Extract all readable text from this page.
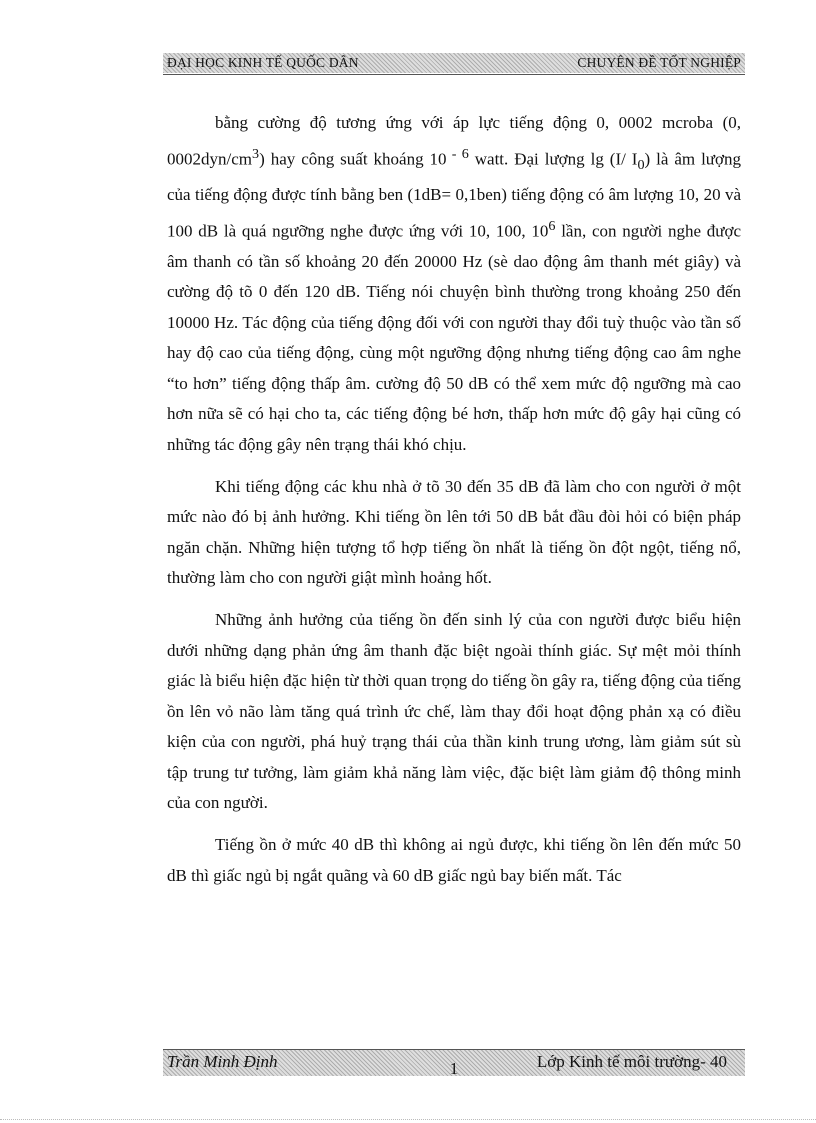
ĐẠI HỌC KINH TẾ QUỐC DÂN	CHUYÊN ĐỀ TỐT NGHIỆP

bằng cường độ tương ứng với áp lực tiếng động 0, 0002 mcroba (0, $0002dyn/cm^3$) hay công suất khoáng 10 $^{- 6}$ watt. Đại lượng lg (I/ $I_0$) là âm lượng của tiếng động được tính bằng ben (1dB= 0,1ben) tiếng động có âm lượng 10, 20 và 100 dB là quá ngưỡng nghe được ứng với 10, 100, $10^6$ lần, con người nghe được âm thanh có tần số khoảng 20 đến 20000 Hz (sè dao động âm thanh mét giây) và cường độ tõ 0 đến 120 dB. Tiếng nói chuyện bình thường trong khoảng 250 đến 10000 Hz. Tác động của tiếng động đối với con người thay đổi tuỳ thuộc vào tần số hay độ cao của tiếng động, cùng một ngưỡng động nhưng tiếng động cao âm nghe “to hơn” tiếng động thấp âm. cường độ 50 dB có thể xem mức độ ngưỡng mà cao hơn nữa sẽ có hại cho ta, các tiếng động bé hơn, thấp hơn mức độ gây hại cũng có những tác động gây nên trạng thái khó chịu.

Khi tiếng động các khu nhà ở tõ 30 đến 35 dB đã làm cho con người ở một mức nào đó bị ảnh hưởng. Khi tiếng ồn lên tới 50 dB bắt đầu đòi hỏi có biện pháp ngăn chặn. Những hiện tượng tổ hợp tiếng ồn nhất là tiếng ồn đột ngột, tiếng nổ, thường làm cho con người giật mình hoảng hốt.

Những ảnh hưởng của tiếng ồn đến sinh lý của con người được biểu hiện dưới những dạng phản ứng âm thanh đặc biệt ngoài thính giác. Sự mệt mỏi thính giác là biểu hiện đặc hiện từ thời quan trọng do tiếng ồn gây ra, tiếng động của tiếng ồn lên vỏ não làm tăng quá trình ức chế, làm thay đổi hoạt động phản xạ có điều kiện của con người, phá huỷ trạng thái của thần kinh trung ương, làm giảm sút sù tập trung tư tưởng, làm giảm khả năng làm việc, đặc biệt làm giảm độ thông minh của con người.

Tiếng ồn ở mức 40 dB thì không ai ngủ được, khi tiếng ồn lên đến mức 50 dB thì giấc ngủ bị ngắt quãng và 60 dB giấc ngủ bay biến mất. Tác

Trần Minh Định	1	Lớp Kinh tế môi trường- 40
